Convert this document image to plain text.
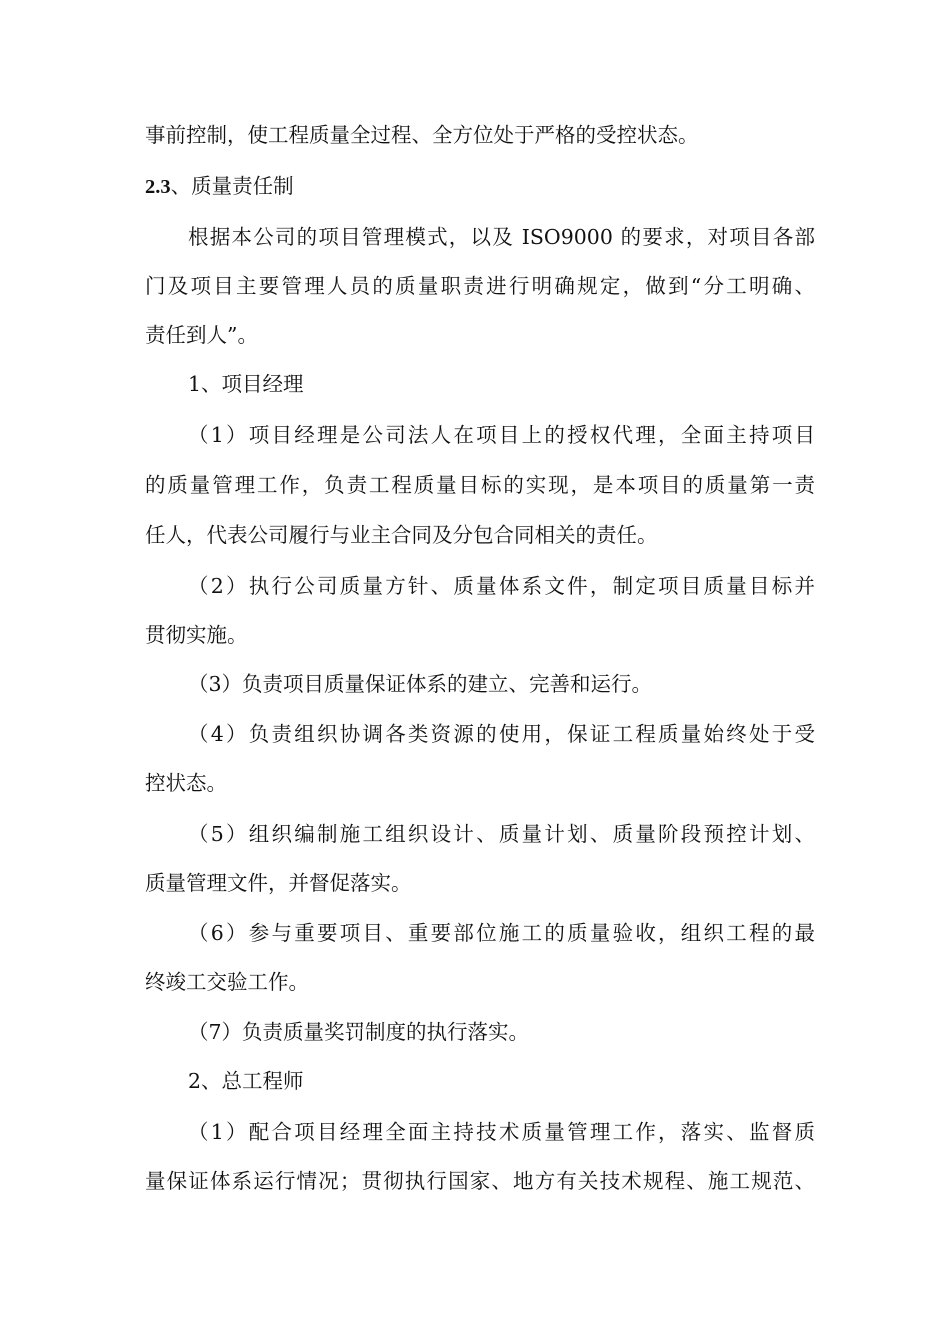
事前控制，使工程质量全过程、全方位处于严格的受控状态。
2.3、质量责任制
根据本公司的项目管理模式，以及 ISO9000 的要求，对项目各部
门及项目主要管理人员的质量职责进行明确规定，做到“分工明确、
责任到人”。
1、项目经理
（1）项目经理是公司法人在项目上的授权代理，全面主持项目
的质量管理工作，负责工程质量目标的实现，是本项目的质量第一责
任人，代表公司履行与业主合同及分包合同相关的责任。
（2）执行公司质量方针、质量体系文件，制定项目质量目标并
贯彻实施。
（3）负责项目质量保证体系的建立、完善和运行。
（4）负责组织协调各类资源的使用，保证工程质量始终处于受
控状态。
（5）组织编制施工组织设计、质量计划、质量阶段预控计划、
质量管理文件，并督促落实。
（6）参与重要项目、重要部位施工的质量验收，组织工程的最
终竣工交验工作。
（7）负责质量奖罚制度的执行落实。
2、总工程师
（1）配合项目经理全面主持技术质量管理工作，落实、监督质
量保证体系运行情况；贯彻执行国家、地方有关技术规程、施工规范、
